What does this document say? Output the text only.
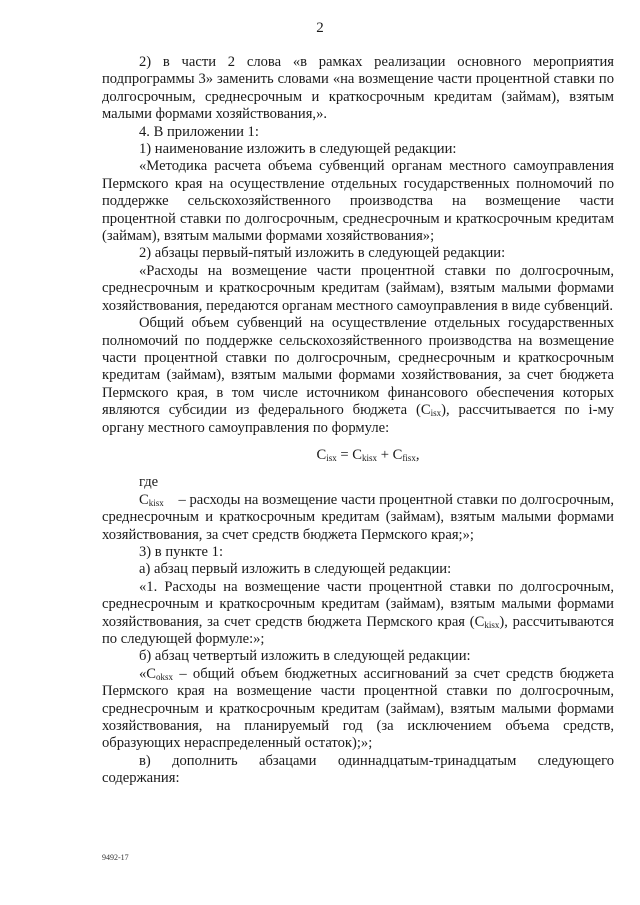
2

2) в части 2 слова «в рамках реализации основного мероприятия подпрограммы 3» заменить словами «на возмещение части процентной ставки по долгосрочным, среднесрочным и краткосрочным кредитам (займам), взятым малыми формами хозяйствования,».

4. В приложении 1:

1) наименование изложить в следующей редакции:

«Методика расчета объема субвенций органам местного самоуправления Пермского края на осуществление отдельных государственных полномочий по поддержке сельскохозяйственного производства на возмещение части процентной ставки по долгосрочным, среднесрочным и краткосрочным кредитам (займам), взятым малыми формами хозяйствования»;

2) абзацы первый-пятый изложить в следующей редакции:

«Расходы на возмещение части процентной ставки по долгосрочным, среднесрочным и краткосрочным кредитам (займам), взятым малыми формами хозяйствования, передаются органам местного самоуправления в виде субвенций.

Общий объем субвенций на осуществление отдельных государственных полномочий по поддержке сельскохозяйственного производства на возмещение части процентной ставки по долгосрочным, среднесрочным и краткосрочным кредитам (займам), взятым малыми формами хозяйствования, за счет бюджета Пермского края, в том числе источником финансового обеспечения которых являются субсидии из федерального бюджета $(C_{isx})$, рассчитывается по i-му органу местного самоуправления по формуле:

$C_{isx} = C_{kisx} + C_{fisx}$,

где

$C_{kisx}$ – расходы на возмещение части процентной ставки по долгосрочным, среднесрочным и краткосрочным кредитам (займам), взятым малыми формами хозяйствования, за счет средств бюджета Пермского края;»;

3) в пункте 1:

а) абзац первый изложить в следующей редакции:

«1. Расходы на возмещение части процентной ставки по долгосрочным, среднесрочным и краткосрочным кредитам (займам), взятым малыми формами хозяйствования, за счет средств бюджета Пермского края $(C_{kisx})$, рассчитываются по следующей формуле:»;

б) абзац четвертый изложить в следующей редакции:

«$C_{oksx}$ – общий объем бюджетных ассигнований за счет средств бюджета Пермского края на возмещение части процентной ставки по долгосрочным, среднесрочным и краткосрочным кредитам (займам), взятым малыми формами хозяйствования, на планируемый год (за исключением объема средств, образующих нераспределенный остаток);»;

в) дополнить абзацами одиннадцатым-тринадцатым следующего содержания:

9492-17
